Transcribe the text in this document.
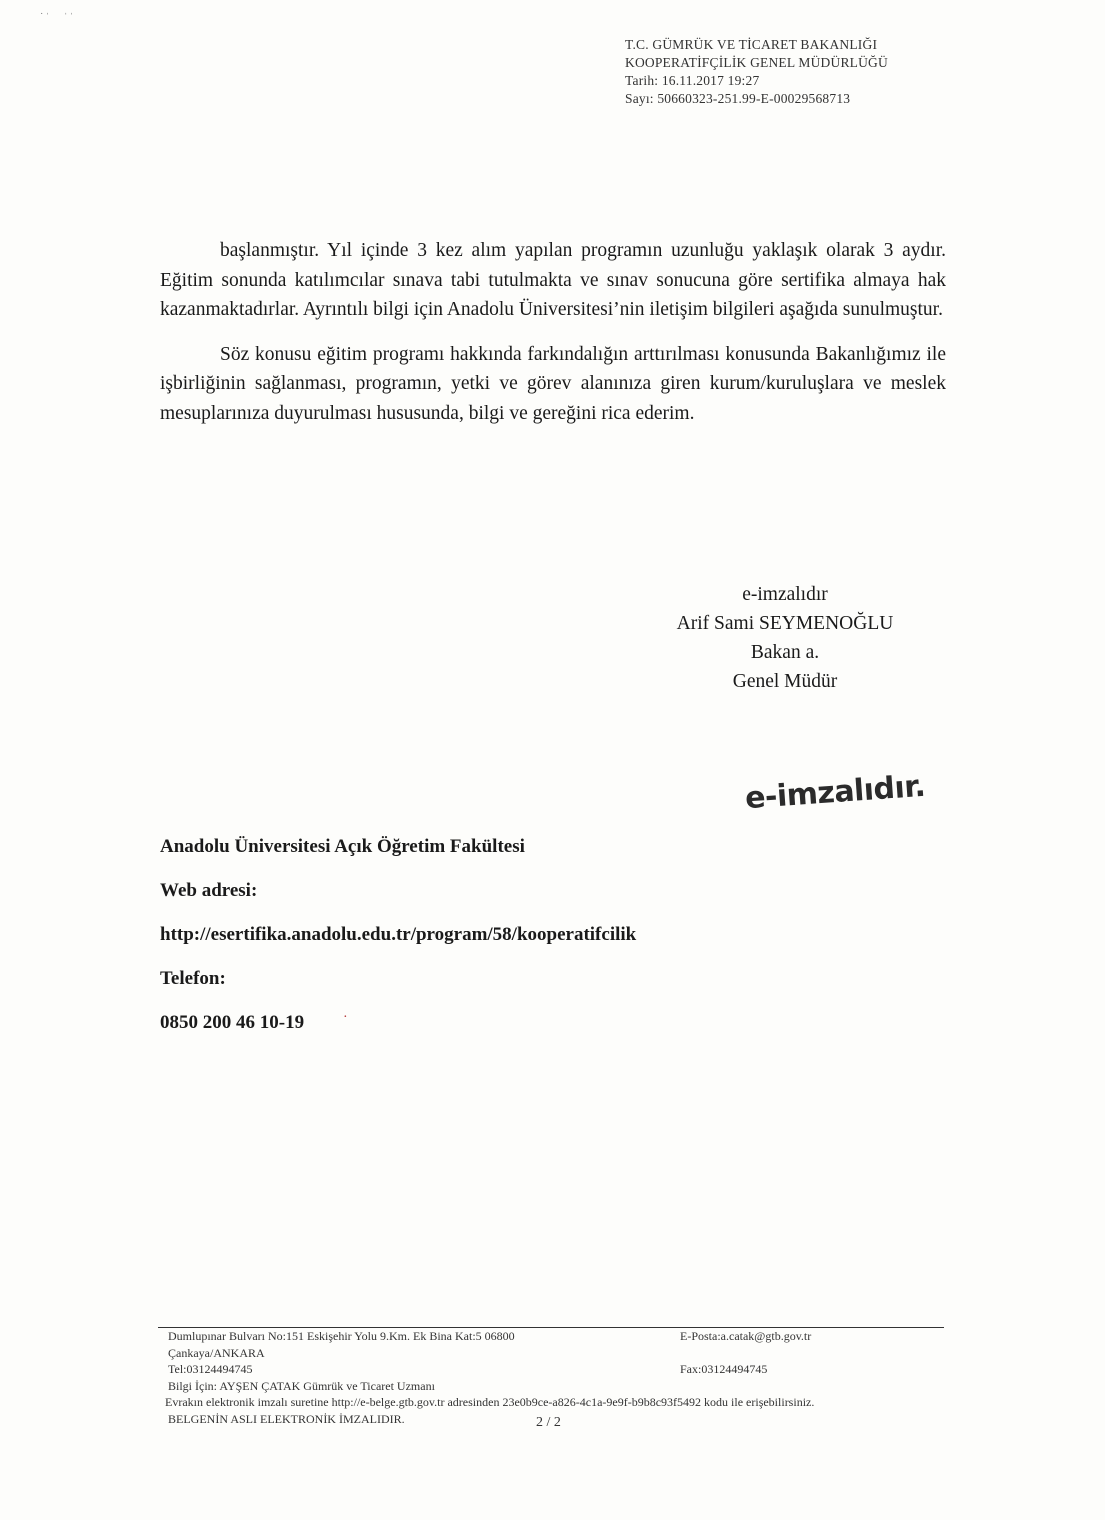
˙ ˈ      ˈ ˈ
T.C. GÜMRÜK VE TİCARET BAKANLIĞI
KOOPERATİFÇİLİK GENEL MÜDÜRLÜĞÜ
Tarih: 16.11.2017 19:27
Sayı: 50660323-251.99-E-00029568713

başlanmıştır. Yıl içinde 3 kez alım yapılan programın uzunluğu yaklaşık olarak 3 aydır. Eğitim sonunda katılımcılar sınava tabi tutulmakta ve sınav sonucuna göre sertifika almaya hak kazanmaktadırlar. Ayrıntılı bilgi için Anadolu Üniversitesi’nin iletişim bilgileri aşağıda sunulmuştur.

Söz konusu eğitim programı hakkında farkındalığın arttırılması konusunda Bakanlığımız ile işbirliğinin sağlanması, programın, yetki ve görev alanınıza giren kurum/kuruluşlara ve meslek mesuplarınıza duyurulması hususunda, bilgi ve gereğini rica ederim.

e-imzalıdır
Arif Sami SEYMENOĞLU
Bakan a.
Genel Müdür
e-imzalıdır.
Anadolu Üniversitesi Açık Öğretim Fakültesi
Web adresi:
http://esertifika.anadolu.edu.tr/program/58/kooperatifcilik
Telefon:
0850 200 46 10-19	·
Dumlupınar Bulvarı No:151 Eskişehir Yolu 9.Km. Ek Bina Kat:5 06800	E-Posta:a.catak@gtb.gov.tr
Çankaya/ANKARA
Tel:03124494745	Fax:03124494745
Bilgi İçin: AYŞEN ÇATAK Gümrük ve Ticaret Uzmanı
Evrakın elektronik imzalı suretine http://e-belge.gtb.gov.tr adresinden 23e0b9ce-a826-4c1a-9e9f-b9b8c93f5492 kodu ile erişebilirsiniz.
BELGENİN ASLI ELEKTRONİK İMZALIDIR.	2 / 2
